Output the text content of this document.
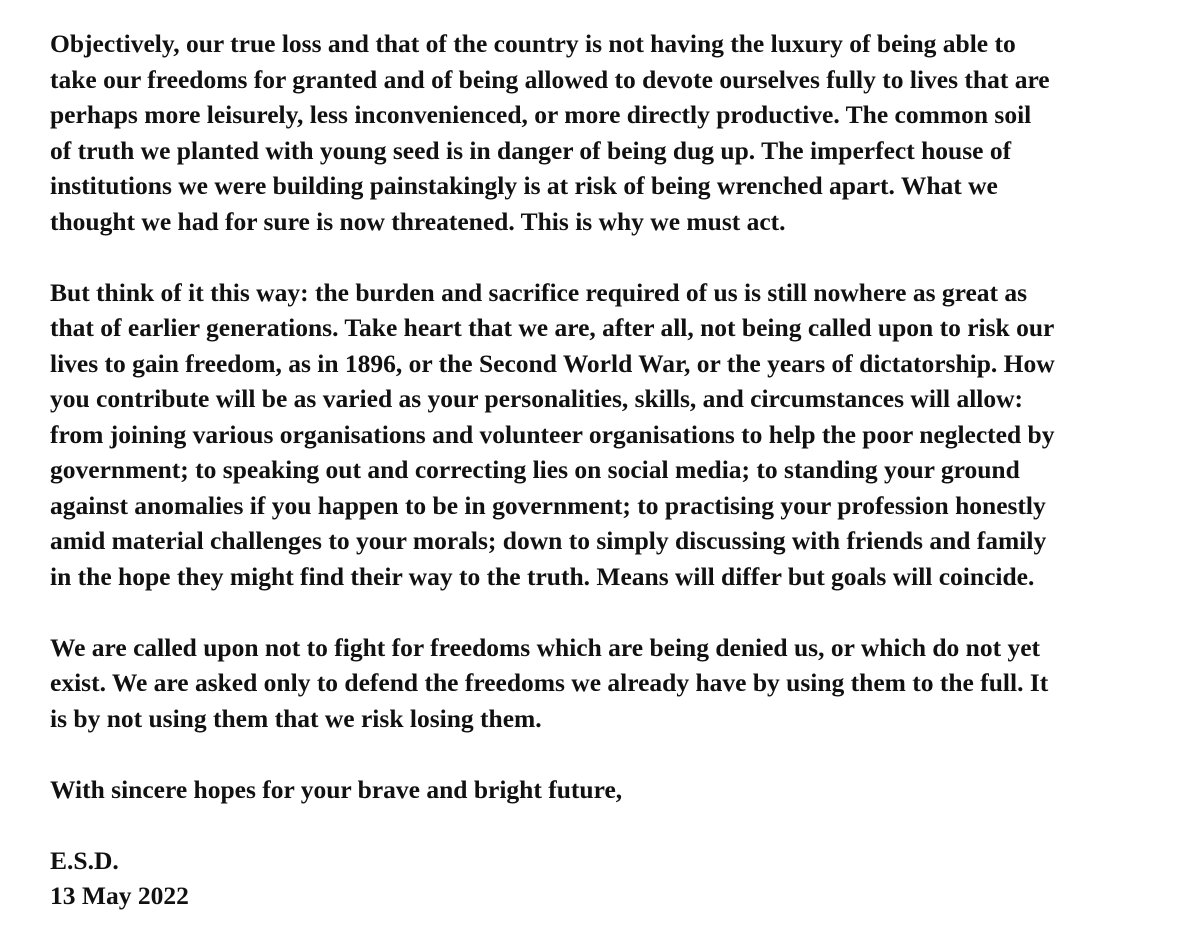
Objectively, our true loss and that of the country is not having the luxury of being able to
take our freedoms for granted and of being allowed to devote ourselves fully to lives that are
perhaps more leisurely, less inconvenienced, or more directly productive. The common soil
of truth we planted with young seed is in danger of being dug up. The imperfect house of
institutions we were building painstakingly is at risk of being wrenched apart. What we
thought we had for sure is now threatened. This is why we must act.

But think of it this way: the burden and sacrifice required of us is still nowhere as great as
that of earlier generations. Take heart that we are, after all, not being called upon to risk our
lives to gain freedom, as in 1896, or the Second World War, or the years of dictatorship. How
you contribute will be as varied as your personalities, skills, and circumstances will allow:
from joining various organisations and volunteer organisations to help the poor neglected by
government; to speaking out and correcting lies on social media; to standing your ground
against anomalies if you happen to be in government; to practising your profession honestly
amid material challenges to your morals; down to simply discussing with friends and family
in the hope they might find their way to the truth. Means will differ but goals will coincide.

We are called upon not to fight for freedoms which are being denied us, or which do not yet
exist. We are asked only to defend the freedoms we already have by using them to the full. It
is by not using them that we risk losing them.

With sincere hopes for your brave and bright future,

E.S.D.
13 May 2022
